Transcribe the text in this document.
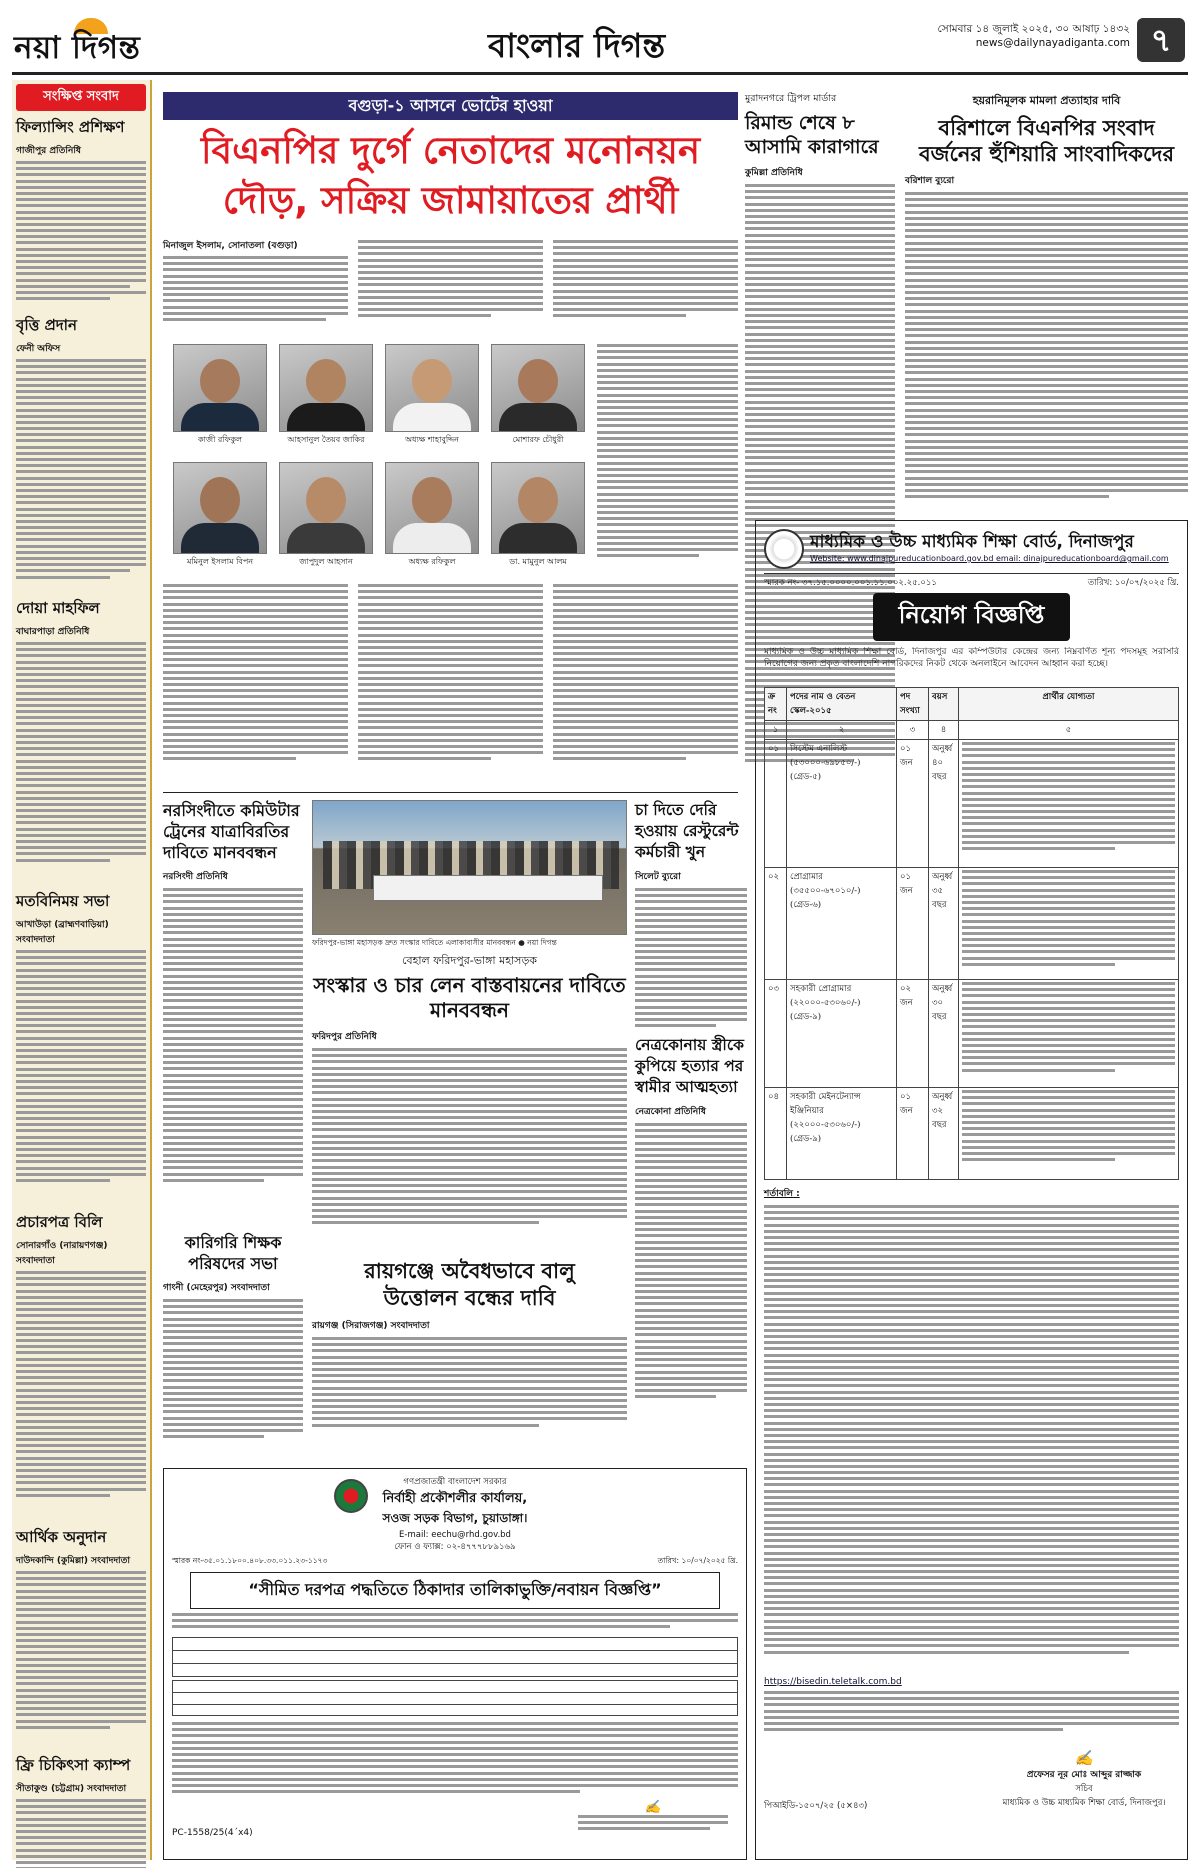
নয়া দিগন্ত	বাংলার দিগন্ত	সোমবার ১৪ জুলাই ২০২৫, ৩০ আষাঢ় ১৪৩২
news@dailynayadiganta.com ৭
সংক্ষিপ্ত সংবাদ
ফিল্যান্সিং প্রশিক্ষণ
গাজীপুর প্রতিনিধি
বৃত্তি প্রদান
ফেনী অফিস
দোয়া মাহফিল
বাঘারপাড়া প্রতিনিধি
মতবিনিময় সভা
আখাউড়া (ব্রাহ্মণবাড়িয়া) সংবাদদাতা
প্রচারপত্র বিলি
সোনারগাঁও (নারায়ণগঞ্জ) সংবাদদাতা
আর্থিক অনুদান
দাউদকান্দি (কুমিল্লা) সংবাদদাতা
ফ্রি চিকিৎসা ক্যাম্প
সীতাকুণ্ড (চট্টগ্রাম) সংবাদদাতা
বগুড়া-১ আসনে ভোটের হাওয়া
বিএনপির দুর্গে নেতাদের মনোনয়ন
দৌড়, সক্রিয় জামায়াতের প্রার্থী
মিনাজুল ইসলাম, সোনাতলা (বগুড়া)
কাজী রফিকুল	আহসানুল তৈয়ব জাকির	অধ্যক্ষ শাহাবুদ্দিন	মোশারফ চৌধুরী
মমিনুল ইসলাম বিপন	জাপুদুল আহসান	অধ্যক্ষ রফিকুল	ডা. মামুনুল আলম
মুরাদনগরে ট্রিপল মার্ডার
রিমান্ড শেষে ৮ আসামি কারাগারে
কুমিল্লা প্রতিনিধি
হয়রানিমূলক মামলা প্রত্যাহার দাবি
বরিশালে বিএনপির সংবাদ বর্জনের হুঁশিয়ারি সাংবাদিকদের
বরিশাল ব্যুরো
মাধ্যমিক ও উচ্চ মাধ্যমিক শিক্ষা বোর্ড, দিনাজপুর
Website: www.dinajpureducationboard.gov.bd email: dinajpureducationboard@gmail.com
স্মারক নং- ৩৭.১৫.০০০০.০০১.১১.০০২.২৫.০১১	তারিখ: ১০/০৭/২০২৫ খ্রি.
নিয়োগ বিজ্ঞপ্তি
মাধ্যমিক ও উচ্চ মাধ্যমিক শিক্ষা বোর্ড, দিনাজপুর এর কম্পিউটার কেন্দ্রের জন্য নিম্নবর্ণিত শূন্য পদসমূহ সরাসরি নিয়োগের জন্য প্রকৃত বাংলাদেশি নাগরিকদের নিকট থেকে অনলাইনে আবেদন আহ্বান করা হচ্ছে।
ক্র নং	পদের নাম ও বেতন স্কেল-২০১৫	পদ সংখ্যা	বয়স	প্রার্থীর যোগ্যতা
১	২	৩	৪	৫
০১	সিস্টেম এনালিস্ট (৫৩০০০-৬৯৮৫০/-) (গ্রেড-৫)	০১ জন	অনুর্ধ্ব ৪০ বছর	

০২	প্রোগ্রামার (৩৫৫০০-৬৭০১০/-) (গ্রেড-৬)	০১ জন	অনুর্ধ্ব ৩৫ বছর	

০৩	সহকারী প্রোগ্রামার (২২০০০-৫৩০৬০/-) (গ্রেড-৯)	০২ জন	অনুর্ধ্ব ৩০ বছর	

০৪	সহকারী মেইনটেন্যান্স ইঞ্জিনিয়ার (২২০০০-৫৩০৬০/-) (গ্রেড-৯)	০১ জন	অনুর্ধ্ব ৩২ বছর	
শর্তাবলি :
https://bisedin.teletalk.com.bd
পিআইডি-১৫০৭/২৫ (৫×৪৩)
✍
প্রফেসর নূর মোঃ আব্দুর রাজ্জাক
সচিব
মাধ্যমিক ও উচ্চ মাধ্যমিক শিক্ষা বোর্ড, দিনাজপুর।
চা দিতে দেরি হওয়ায় রেস্টুরেন্ট কর্মচারী খুন
সিলেট ব্যুরো
নরসিংদীতে কমিউটার ট্রেনের যাত্রাবিরতির দাবিতে মানববন্ধন
নরসিংদী প্রতিনিধি
ফরিদপুর-ভাঙ্গা মহাসড়ক দ্রুত সংস্কার দাবিতে এলাকাবাসীর মানববন্ধন ● নয়া দিগন্ত
বেহাল ফরিদপুর-ভাঙ্গা মহাসড়ক
সংস্কার ও চার লেন বাস্তবায়নের দাবিতে মানববন্ধন
ফরিদপুর প্রতিনিধি	নেত্রকোনায় স্ত্রীকে কুপিয়ে হত্যার পর স্বামীর আত্মহত্যা
নেত্রকোনা প্রতিনিধি
কারিগরি শিক্ষক পরিষদের সভা
গাংনী (মেহেরপুর) সংবাদদাতা
রায়গঞ্জে অবৈধভাবে বালু উত্তোলন বন্ধের দাবি
রায়গঞ্জ (সিরাজগঞ্জ) সংবাদদাতা
গণপ্রজাতন্ত্রী বাংলাদেশ সরকার
নির্বাহী প্রকৌশলীর কার্যালয়,
সওজ সড়ক বিভাগ, চুয়াডাঙ্গা।
E-mail: eechu@rhd.gov.bd
ফোন ও ফ্যাক্স: ০২-৪৭৭৭৮৮৯১৬৯
স্মারক নং-৩৫.০১.১৮০০.৪০৮.৩৩.০১১.২৩-১১৭৩	তারিখ: ১০/০৭/২০২৫ খ্রি.
“সীমিত দরপত্র পদ্ধতিতে ঠিকাদার তালিকাভুক্তি/নবায়ন বিজ্ঞপ্তি”
PC-1558/25(4´x4)
✍
